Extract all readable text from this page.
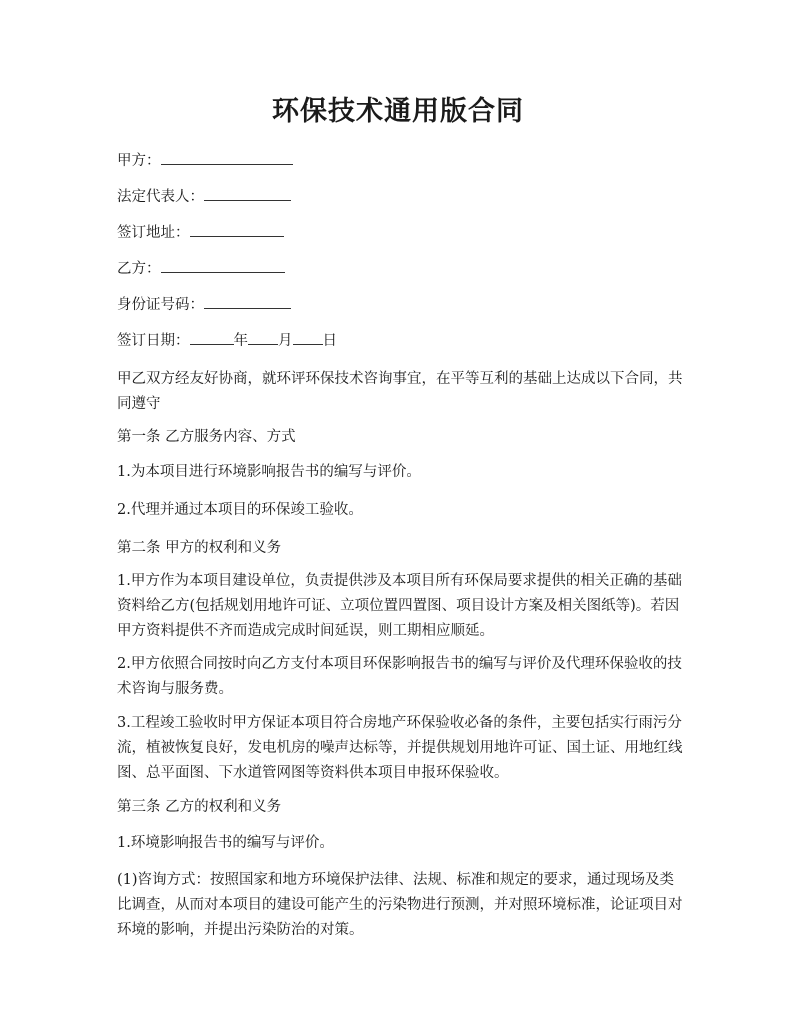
环保技术通用版合同

甲方：

法定代表人：

签订地址：

乙方：

身份证号码：

签订日期：	年 月 日

甲乙双方经友好协商，就环评环保技术咨询事宜，在平等互利的基础上达成以下合同，共同遵守

第一条 乙方服务内容、方式

1.为本项目进行环境影响报告书的编写与评价。

2.代理并通过本项目的环保竣工验收。

第二条 甲方的权利和义务

1.甲方作为本项目建设单位，负责提供涉及本项目所有环保局要求提供的相关正确的基础资料给乙方(包括规划用地许可证、立项位置四置图、项目设计方案及相关图纸等)。若因甲方资料提供不齐而造成完成时间延误，则工期相应顺延。

2.甲方依照合同按时向乙方支付本项目环保影响报告书的编写与评价及代理环保验收的技术咨询与服务费。

3.工程竣工验收时甲方保证本项目符合房地产环保验收必备的条件，主要包括实行雨污分流，植被恢复良好，发电机房的噪声达标等，并提供规划用地许可证、国土证、用地红线图、总平面图、下水道管网图等资料供本项目申报环保验收。

第三条 乙方的权利和义务

1.环境影响报告书的编写与评价。

(1)咨询方式：按照国家和地方环境保护法律、法规、标准和规定的要求，通过现场及类比调查，从而对本项目的建设可能产生的污染物进行预测，并对照环境标准，论证项目对环境的影响，并提出污染防治的对策。
